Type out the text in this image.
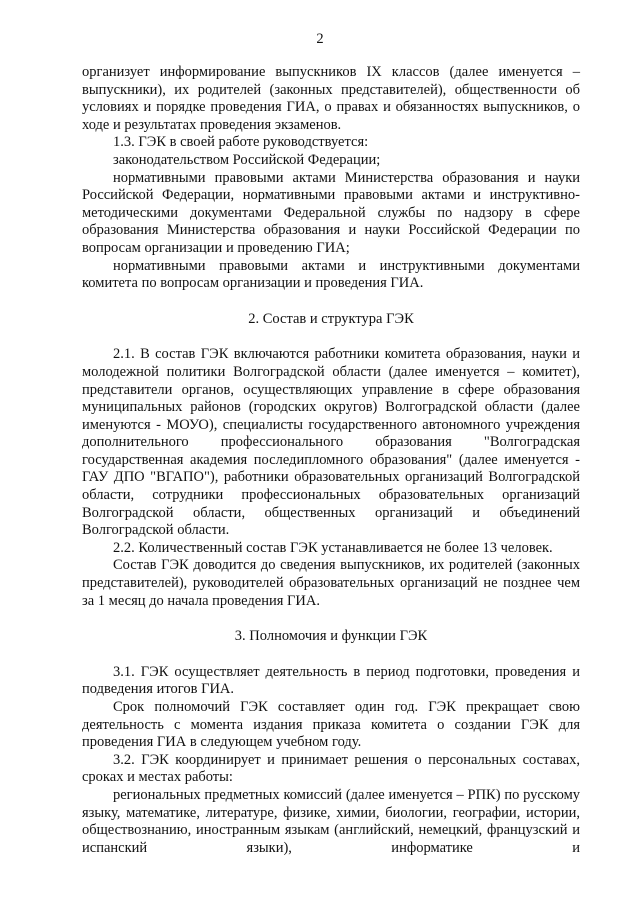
2

организует информирование выпускников IX классов (далее именуется – выпускники), их родителей (законных представителей), общественности об условиях и порядке проведения ГИА, о правах и обязанностях выпускников, о ходе и результатах проведения экзаменов.

1.3. ГЭК в своей работе руководствуется:

законодательством Российской Федерации;

нормативными правовыми актами Министерства образования и науки Российской Федерации, нормативными правовыми актами и инструктивно-методическими документами Федеральной службы по надзору в сфере образования Министерства образования и науки Российской Федерации по вопросам организации и проведению ГИА;

нормативными правовыми актами и инструктивными документами комитета по вопросам организации и проведения ГИА.

2. Состав и структура ГЭК

2.1. В состав ГЭК включаются работники комитета образования, науки и молодежной политики Волгоградской области (далее именуется – комитет), представители органов, осуществляющих управление в сфере образования муниципальных районов (городских округов) Волгоградской области (далее именуются - МОУО), специалисты государственного автономного учреждения дополнительного профессионального образования "Волгоградская государственная академия последипломного образования" (далее именуется - ГАУ ДПО "ВГАПО"), работники образовательных организаций Волгоградской области, сотрудники профессиональных образовательных организаций Волгоградской области, общественных организаций и объединений Волгоградской области.

2.2. Количественный состав ГЭК устанавливается не более 13 человек.

Состав ГЭК доводится до сведения выпускников, их родителей (законных представителей), руководителей образовательных организаций не позднее чем за 1 месяц до начала проведения ГИА.

3. Полномочия и функции ГЭК

3.1. ГЭК осуществляет деятельность в период подготовки, проведения и подведения итогов ГИА.

Срок полномочий ГЭК составляет один год. ГЭК прекращает свою деятельность с момента издания приказа комитета о создании ГЭК для проведения ГИА в следующем учебном году.

3.2. ГЭК координирует и принимает решения о персональных составах, сроках и местах работы:

региональных предметных комиссий (далее именуется – РПК) по русскому языку, математике, литературе, физике, химии, биологии, географии, истории, обществознанию, иностранным языкам (английский, немецкий, французский и испанский языки), информатике и
